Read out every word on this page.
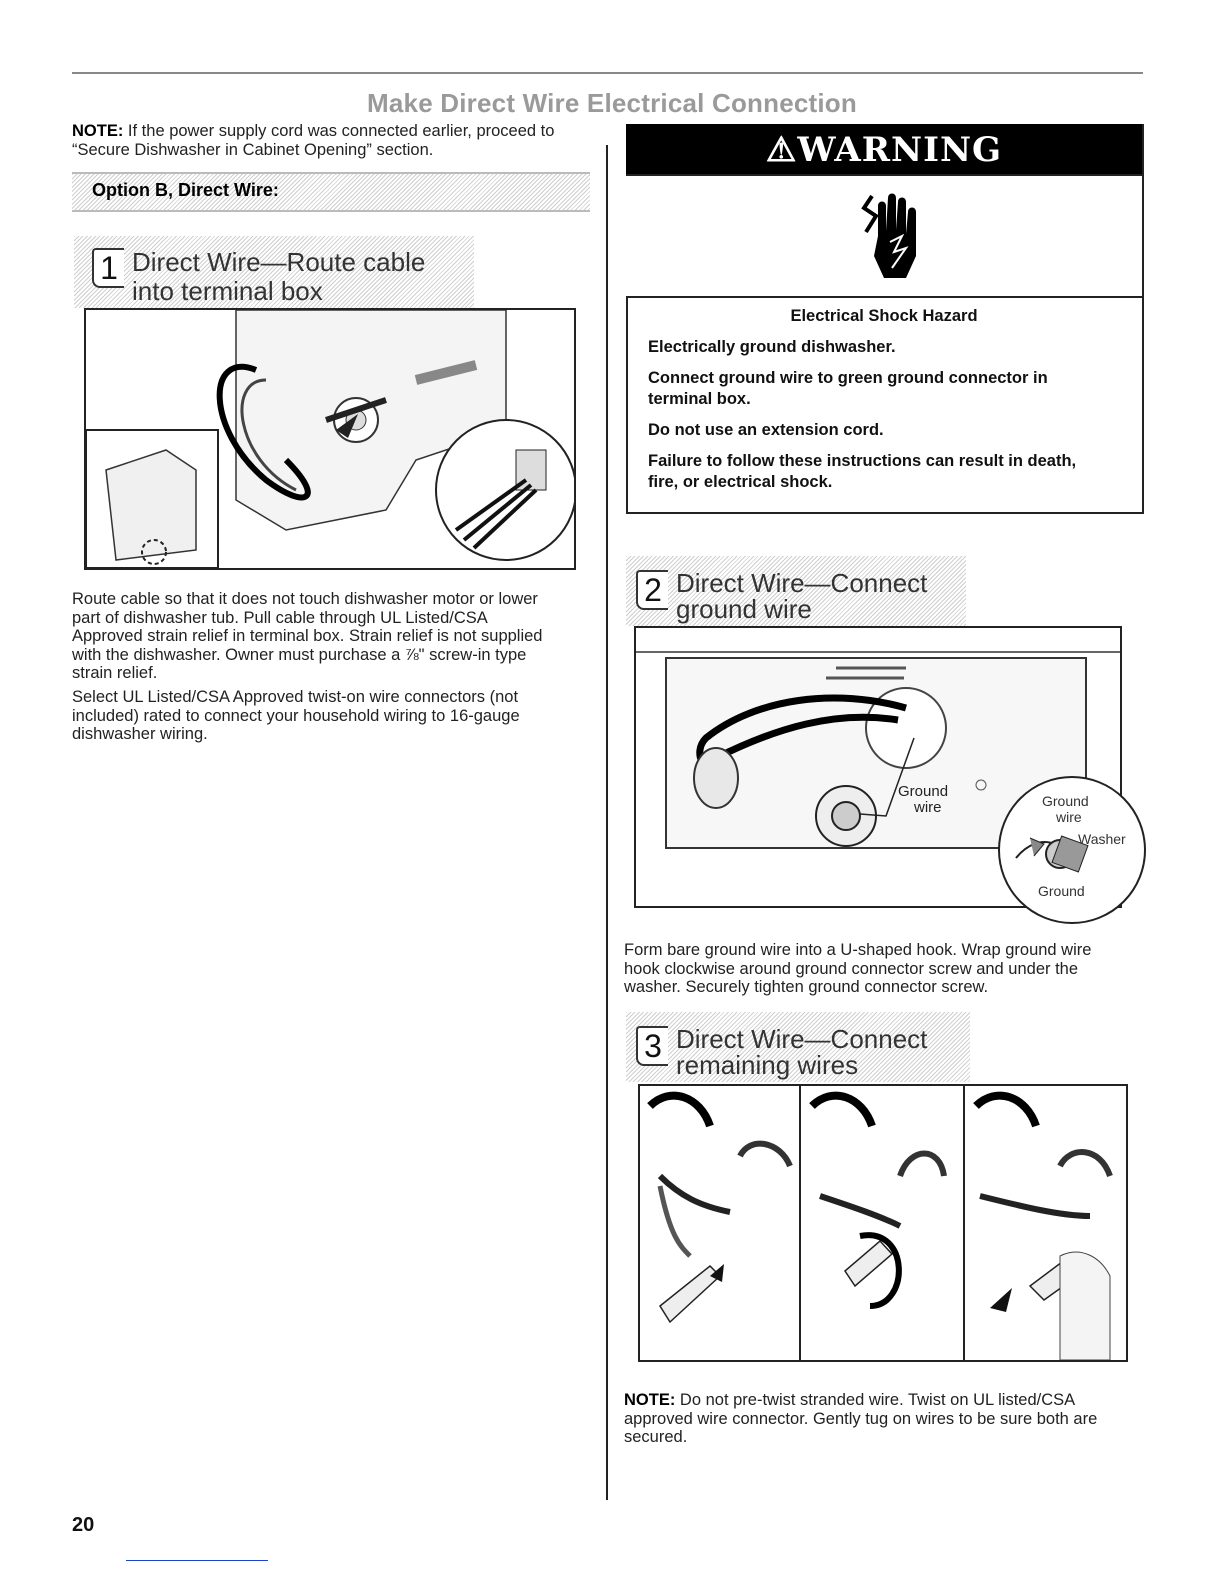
Make Direct Wire Electrical Connection
NOTE: If the power supply cord was connected earlier, proceed to
“Secure Dishwasher in Cabinet Opening” section.
Option B, Direct Wire:
1 Direct Wire—Route cable
into terminal box
Route cable so that it does not touch dishwasher motor or lower
part of dishwasher tub. Pull cable through UL Listed/CSA
Approved strain relief in terminal box. Strain relief is not supplied
with the dishwasher. Owner must purchase a ⅞" screw-in type
strain relief.
Select UL Listed/CSA Approved twist-on wire connectors (not
included) rated to connect your household wiring to 16-gauge
dishwasher wiring.
⚠WARNING
Electrical Shock Hazard
Electrically ground dishwasher.
Connect ground wire to green ground connector in
terminal box.
Do not use an extension cord.
Failure to follow these instructions can result in death,
fire, or electrical shock.
2 Direct Wire—Connect
ground wire
Ground
wire	Ground
wire
Washer
Ground
Form bare ground wire into a U-shaped hook. Wrap ground wire
hook clockwise around ground connector screw and under the
washer. Securely tighten ground connector screw.
3 Direct Wire—Connect
remaining wires
NOTE: Do not pre-twist stranded wire. Twist on UL listed/CSA
approved wire connector. Gently tug on wires to be sure both are
secured.
20
